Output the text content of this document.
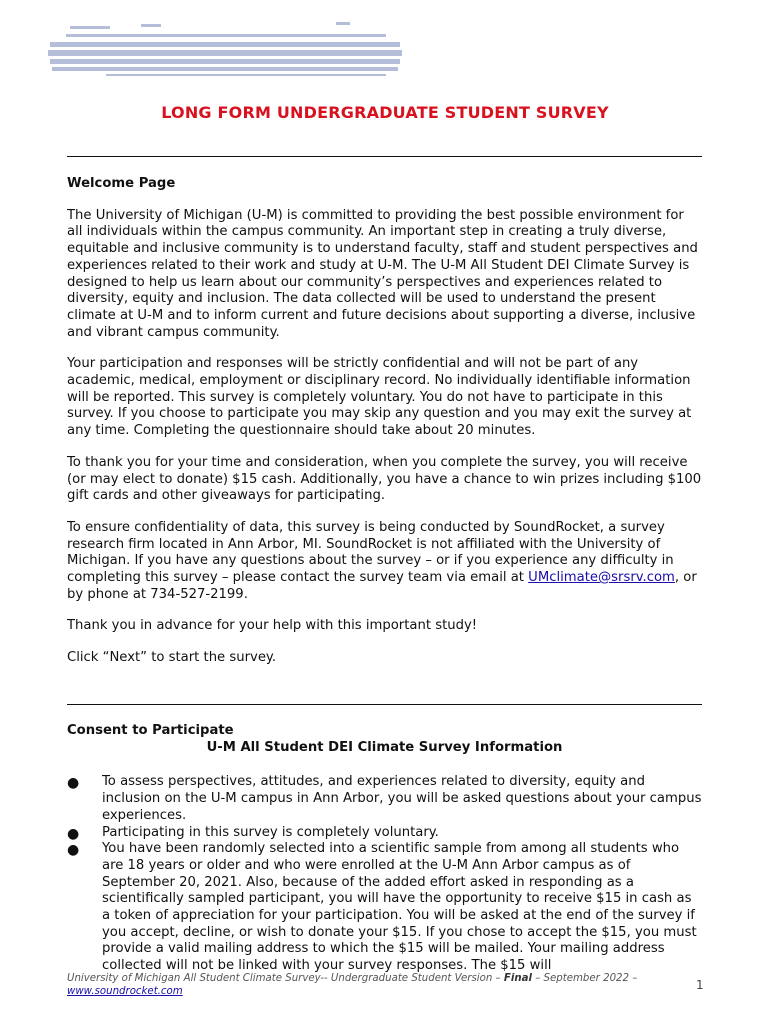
LONG FORM UNDERGRADUATE STUDENT SURVEY

Welcome Page

The University of Michigan (U-M) is committed to providing the best possible environment for all individuals within the campus community. An important step in creating a truly diverse, equitable and inclusive community is to understand faculty, staff and student perspectives and experiences related to their work and study at U-M. The U-M All Student DEI Climate Survey is designed to help us learn about our community’s perspectives and experiences related to diversity, equity and inclusion. The data collected will be used to understand the present climate at U-M and to inform current and future decisions about supporting a diverse, inclusive and vibrant campus community.

Your participation and responses will be strictly confidential and will not be part of any academic, medical, employment or disciplinary record. No individually identifiable information will be reported. This survey is completely voluntary. You do not have to participate in this survey. If you choose to participate you may skip any question and you may exit the survey at any time. Completing the questionnaire should take about 20 minutes.

To thank you for your time and consideration, when you complete the survey, you will receive (or may elect to donate) $15 cash. Additionally, you have a chance to win prizes including $100 gift cards and other giveaways for participating.

To ensure confidentiality of data, this survey is being conducted by SoundRocket, a survey research firm located in Ann Arbor, MI. SoundRocket is not affiliated with the University of Michigan. If you have any questions about the survey – or if you experience any difficulty in completing this survey – please contact the survey team via email at UMclimate@srsrv.com, or by phone at 734-527-2199.

Thank you in advance for your help with this important study!

Click “Next” to start the survey.

Consent to Participate
U-M All Student DEI Climate Survey Information
● To assess perspectives, attitudes, and experiences related to diversity, equity and inclusion on the U-M campus in Ann Arbor, you will be asked questions about your campus experiences.
● Participating in this survey is completely voluntary.
● You have been randomly selected into a scientific sample from among all students who are 18 years or older and who were enrolled at the U-M Ann Arbor campus as of September 20, 2021. Also, because of the added effort asked in responding as a scientifically sampled participant, you will have the opportunity to receive $15 in cash as a token of appreciation for your participation. You will be asked at the end of the survey if you accept, decline, or wish to donate your $15. If you chose to accept the $15, you must provide a valid mailing address to which the $15 will be mailed. Your mailing address collected will not be linked with your survey responses. The $15 will
University of Michigan All Student Climate Survey-- Undergraduate Student Version – Final – September 2022 –
www.soundrocket.com	1
